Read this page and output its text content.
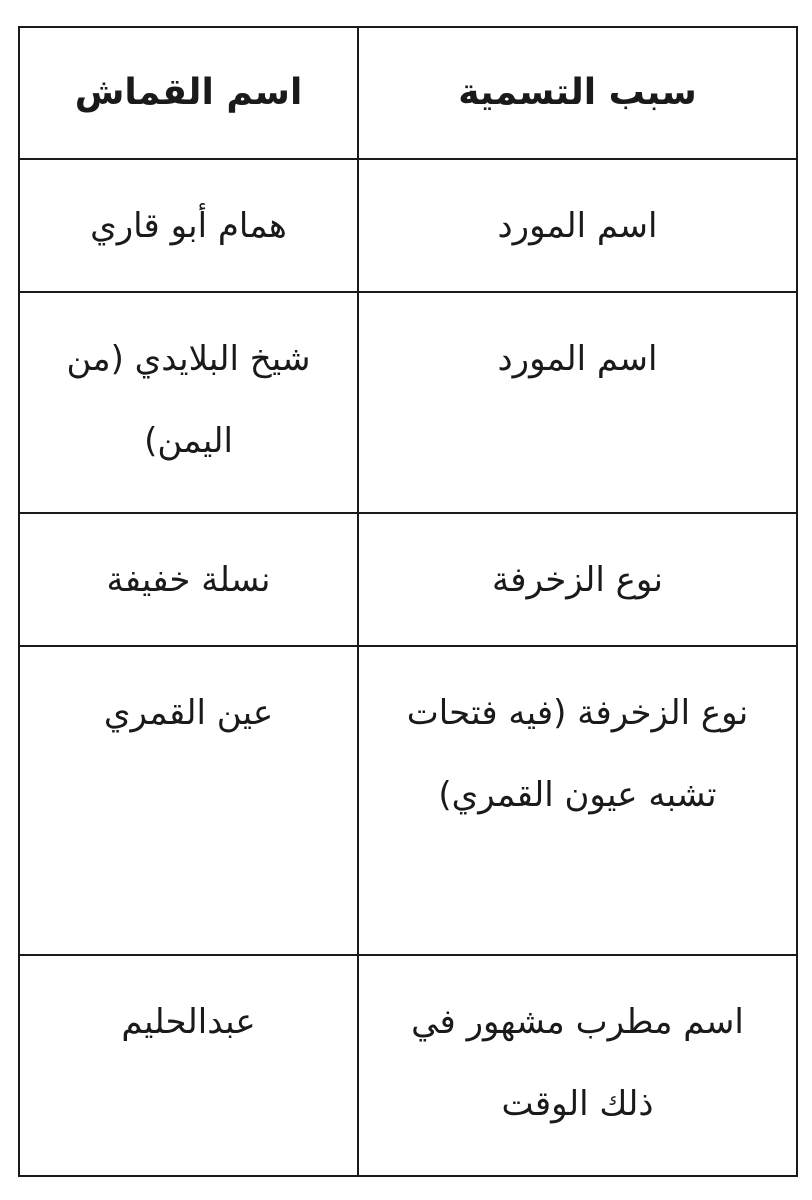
سبب التسمية	اسم القماش
اسم المورد	همام أبو قاري
اسم المورد	شيخ البلايدي (من اليمن)
نوع الزخرفة	نسلة خفيفة
نوع الزخرفة (فيه فتحات تشبه عيون القمري)	عين القمري
اسم مطرب مشهور في ذلك الوقت	عبدالحليم
